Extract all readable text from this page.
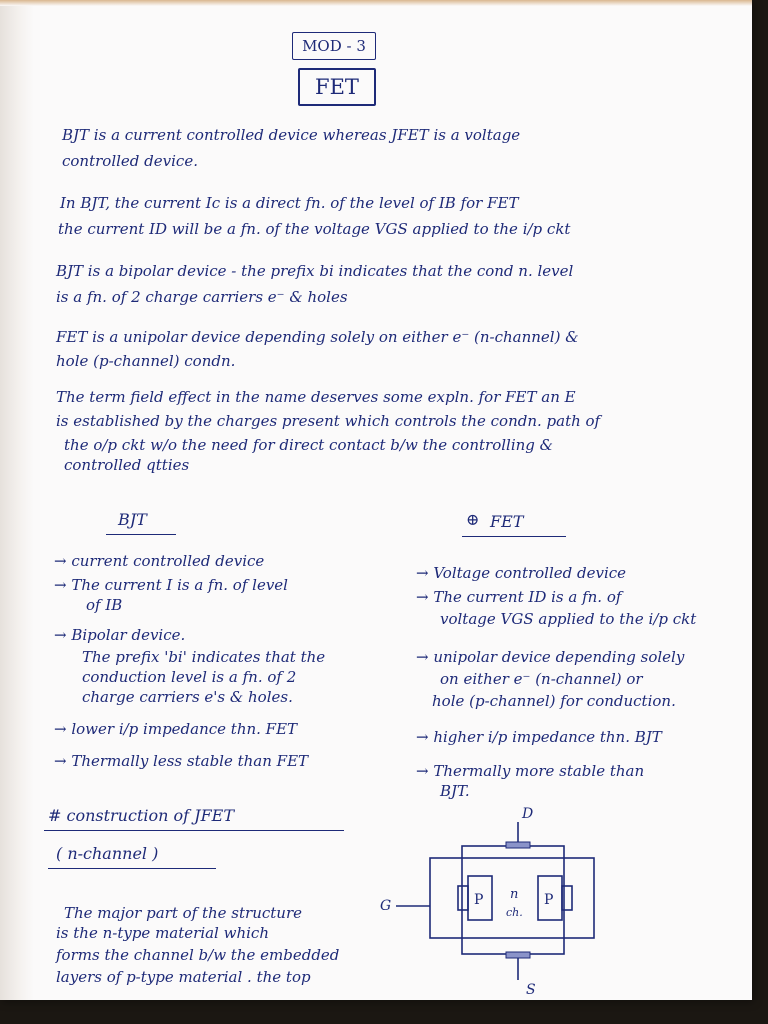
MOD - 3
FET
BJT is a current controlled device whereas JFET is a voltage
controlled device.
In BJT, the current Ic is a direct fn. of the level of IB for FET
the current ID will be a fn. of the voltage VGS applied to the i/p ckt
BJT is a bipolar device - the prefix bi indicates that the cond n. level
is a fn. of 2 charge carriers e⁻ & holes
FET is a unipolar device depending solely on either e⁻ (n-channel) &
hole (p-channel) condn.
The term field effect in the name deserves some expln. for FET an E
is established by the charges present which controls the condn. path of
the o/p ckt w/o the need for direct contact b/w the controlling &
controlled qtties
BJT
→ current controlled device
→ The current I is a fn. of level
of IB
→ Bipolar device.
The prefix 'bi' indicates that the
conduction level is a fn. of 2
charge carriers e's & holes.
→ lower i/p impedance thn. FET
→ Thermally less stable than FET
⊕ FET
→ Voltage controlled device
→ The current ID is a fn. of
voltage VGS applied to the i/p ckt
→ unipolar device depending solely
on either e⁻ (n-channel) or
hole (p-channel) for conduction.
→ higher i/p impedance thn. BJT
→ Thermally more stable than
BJT.
# construction of JFET
( n-channel )
The major part of the structure
is the n-type material which
forms the channel b/w the embedded
layers of p-type material . the top
D
G
S
P	P
n
ch.
